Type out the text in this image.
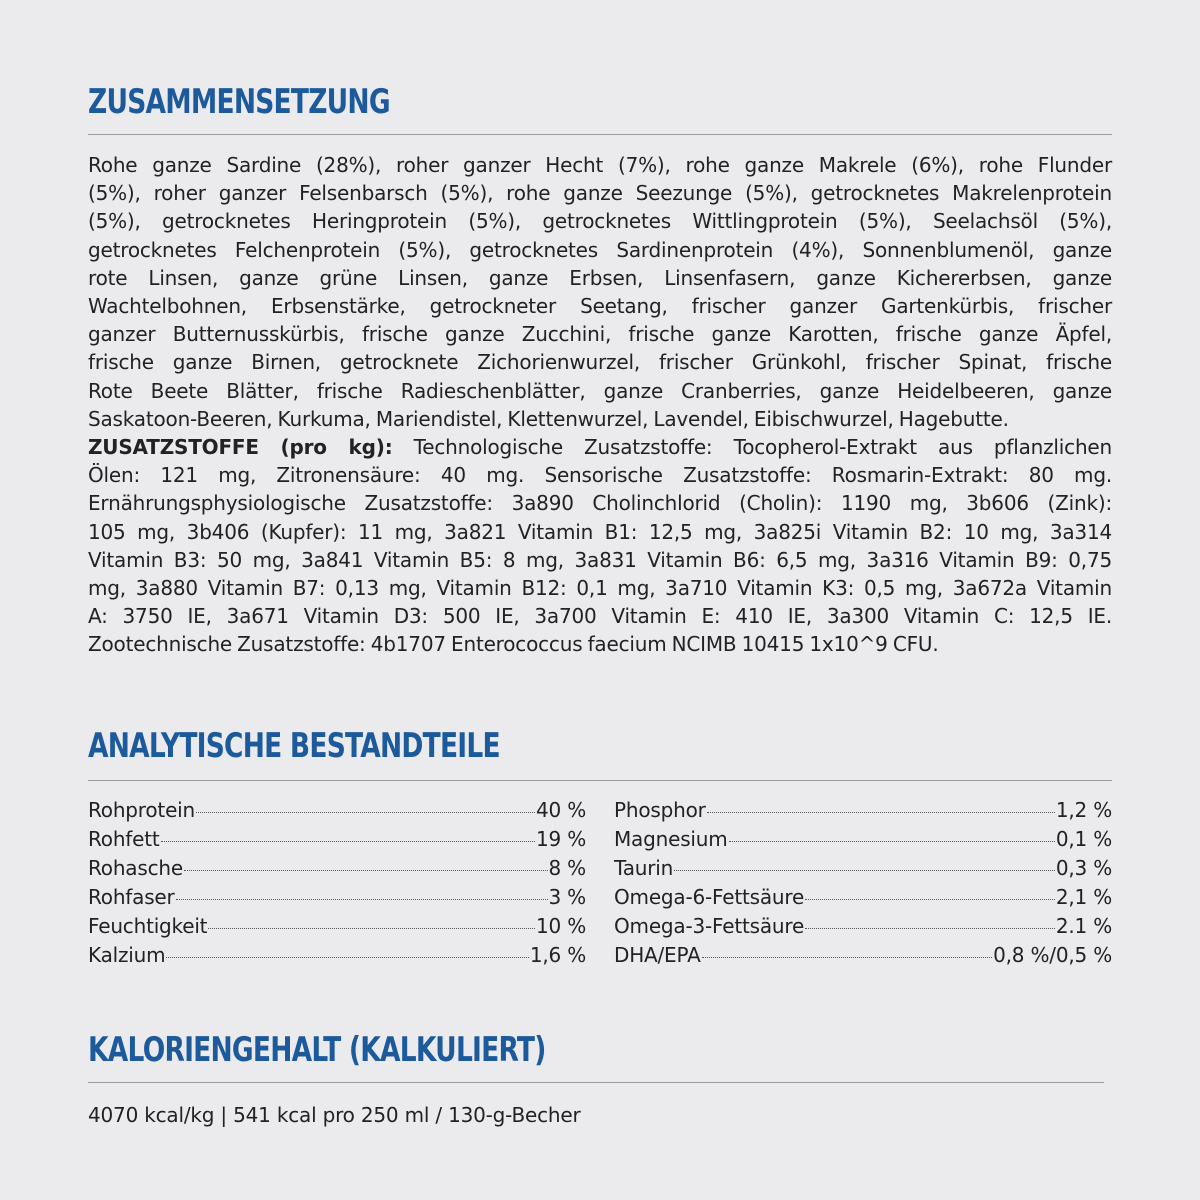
ZUSAMMENSETZUNG
Rohe ganze Sardine (28%), roher ganzer Hecht (7%), rohe ganze Makrele (6%), rohe Flunder
(5%), roher ganzer Felsenbarsch (5%), rohe ganze Seezunge (5%), getrocknetes Makrelenprotein
(5%), getrocknetes Heringprotein (5%), getrocknetes Wittlingprotein (5%), Seelachsöl (5%),
getrocknetes Felchenprotein (5%), getrocknetes Sardinenprotein (4%), Sonnenblumenöl, ganze
rote Linsen, ganze grüne Linsen, ganze Erbsen, Linsenfasern, ganze Kichererbsen, ganze
Wachtelbohnen, Erbsenstärke, getrockneter Seetang, frischer ganzer Gartenkürbis, frischer
ganzer Butternusskürbis, frische ganze Zucchini, frische ganze Karotten, frische ganze Äpfel,
frische ganze Birnen, getrocknete Zichorienwurzel, frischer Grünkohl, frischer Spinat, frische
Rote Beete Blätter, frische Radieschenblätter, ganze Cranberries, ganze Heidelbeeren, ganze
Saskatoon-Beeren, Kurkuma, Mariendistel, Klettenwurzel, Lavendel, Eibischwurzel, Hagebutte.
ZUSATZSTOFFE (pro kg): Technologische Zusatzstoffe: Tocopherol-Extrakt aus pflanzlichen
Ölen: 121 mg, Zitronensäure: 40 mg. Sensorische Zusatzstoffe: Rosmarin-Extrakt: 80 mg.
Ernährungsphysiologische Zusatzstoffe: 3a890 Cholinchlorid (Cholin): 1190 mg, 3b606 (Zink):
105 mg, 3b406 (Kupfer): 11 mg, 3a821 Vitamin B1: 12,5 mg, 3a825i Vitamin B2: 10 mg, 3a314
Vitamin B3: 50 mg, 3a841 Vitamin B5: 8 mg, 3a831 Vitamin B6: 6,5 mg, 3a316 Vitamin B9: 0,75
mg, 3a880 Vitamin B7: 0,13 mg, Vitamin B12: 0,1 mg, 3a710 Vitamin K3: 0,5 mg, 3a672a Vitamin
A: 3750 IE, 3a671 Vitamin D3: 500 IE, 3a700 Vitamin E: 410 IE, 3a300 Vitamin C: 12,5 IE.
Zootechnische Zusatzstoffe: 4b1707 Enterococcus faecium NCIMB 10415 1x10^9 CFU.
ANALYTISCHE BESTANDTEILE
Rohprotein	40 %
Rohfett	19 %
Rohasche	8 %
Rohfaser	3 %
Feuchtigkeit	10 %
Kalzium	1,6 %
Phosphor	1,2 %
Magnesium	0,1 %
Taurin	0,3 %
Omega-6-Fettsäure	2,1 %
Omega-3-Fettsäure	2.1 %
DHA/EPA	0,8 %/0,5 %
KALORIENGEHALT (KALKULIERT)
4070 kcal/kg | 541 kcal pro 250 ml / 130-g-Becher
